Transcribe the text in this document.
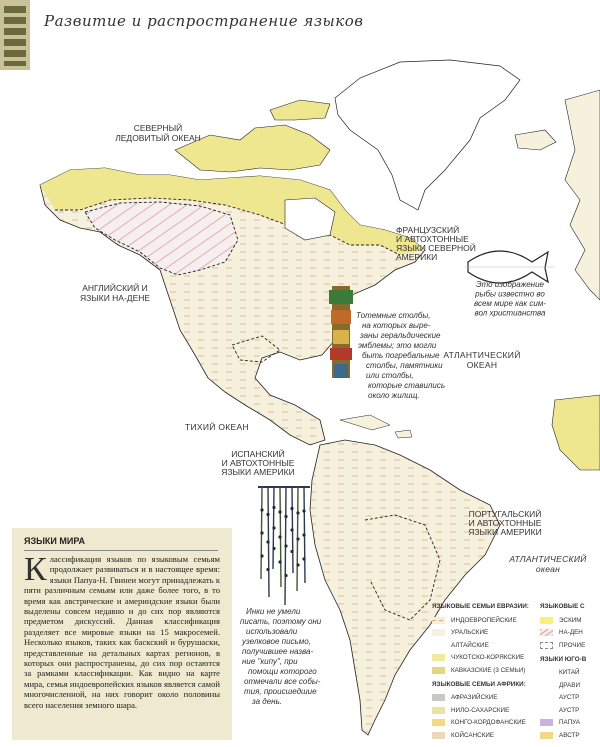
Развитие и распространение языков
СЕВЕРНЫЙ ЛЕДОВИТЫЙ ОКЕАН
АНГЛИЙСКИЙ И ЯЗЫКИ НА-ДЕНЕ
ФРАНЦУЗСКИЙ И АВТОХТОННЫЕ ЯЗЫКИ СЕВЕРНОЙ АМЕРИКИ
ТИХИЙ ОКЕАН
АТЛАНТИЧЕСКИЙ ОКЕАН
ИСПАНСКИЙ И АВТОХТОННЫЕ ЯЗЫКИ АМЕРИКИ
ПОРТУГАЛЬСКИЙ И АВТОХТОННЫЕ ЯЗЫКИ АМЕРИКИ
АТЛАНТИЧЕСКИЙ океан
Это изображение рыбы известно во всем мире как сим-вол христианства
Тотемные столбы, на которых выре-заны геральдические эмблемы; это могли быть погребальные столбы, памятники или столбы, которые ставились около жилищ.
Инки не умели писать, поэтому они использовали узелковое письмо, получившее назва-ние "кипу", при помощи которого отмечали все собы-тия, происшедшие за день.
ЯЗЫКИ МИРА

Классификация языков по языковым семьям продолжает развиваться и в настоящее время: языки Папуа-Н. Гвинеи могут принадлежать к пяти различным семьям или даже более того, в то время как австрические и америндские языки были выделены совсем недавно и до сих пор являются предметом дискуссий. Данная классификация разделяет все мировые языки на 15 макросемей. Несколько языков, таких как баскский и бурушаски, представленные на детальных картах регионов, в которых они распространены, до сих пор остаются за рамками классификации. Как видно на карте мира, семья индоевропейских языков является самой многочисленной, на них говорит около половины всего населения земного шара.

ЯЗЫКОВЫЕ СЕМЬИ ЕВРАЗИИ:
ИНДОЕВРОПЕЙСКИЕ
УРАЛЬСКИЕ
АЛТАЙСКИЕ
ЧУКОТСКО-КОРЯКСКИЕ
КАВКАЗСКИЕ (3 СЕМЬИ)
ЯЗЫКОВЫЕ СЕМЬИ АФРИКИ:
АФРАЗИЙСКИЕ
НИЛО-САХАРСКИЕ
КОНГО-КОРДОФАНСКИЕ
КОЙСАНСКИЕ
ЯЗЫКОВЫЕ С
ЭСКИМ
НА-ДЕН
ПРОЧИЕ
ЯЗЫКИ ЮГО-В
КИТАЙ
ДРАВИ
АУСТР
АУСТР
ПАПУА
АВСТР
